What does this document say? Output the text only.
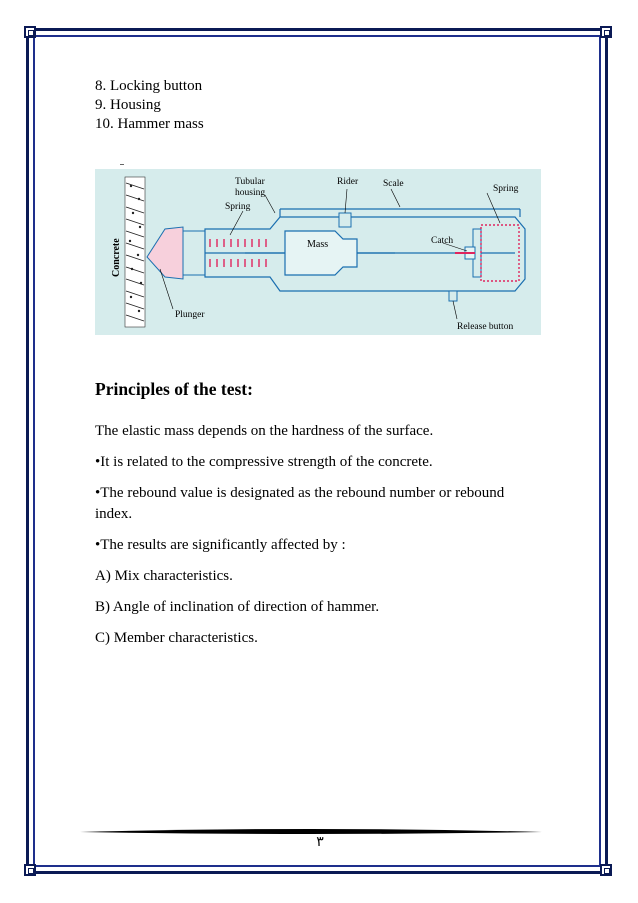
8. Locking button
9. Housing
10. Hammer mass
Concrete	Mass
Spring
Tubular
housing
Rider	Scale	Spring
Catch
Plunger
Release button
Principles of the test:
The elastic mass depends on the hardness of the surface.
•It is related to the compressive strength of the concrete.
•The rebound value is designated as the rebound number or rebound index.
•The results are significantly affected by :
A) Mix characteristics.
B) Angle of inclination of direction of hammer.
C) Member characteristics.
٣
